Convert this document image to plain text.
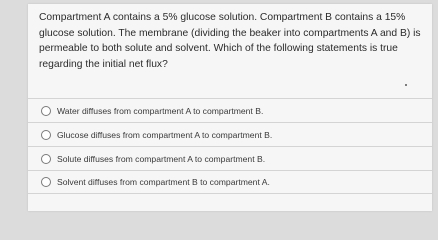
Compartment A contains a 5% glucose solution. Compartment B contains a 15% glucose solution. The membrane (dividing the beaker into compartments A and B) is permeable to both solute and solvent. Which of the following statements is true regarding the initial net flux?

Water diffuses from compartment A to compartment B.
Glucose diffuses from compartment A to compartment B.
Solute diffuses from compartment A to compartment B.
Solvent diffuses from compartment B to compartment A.
